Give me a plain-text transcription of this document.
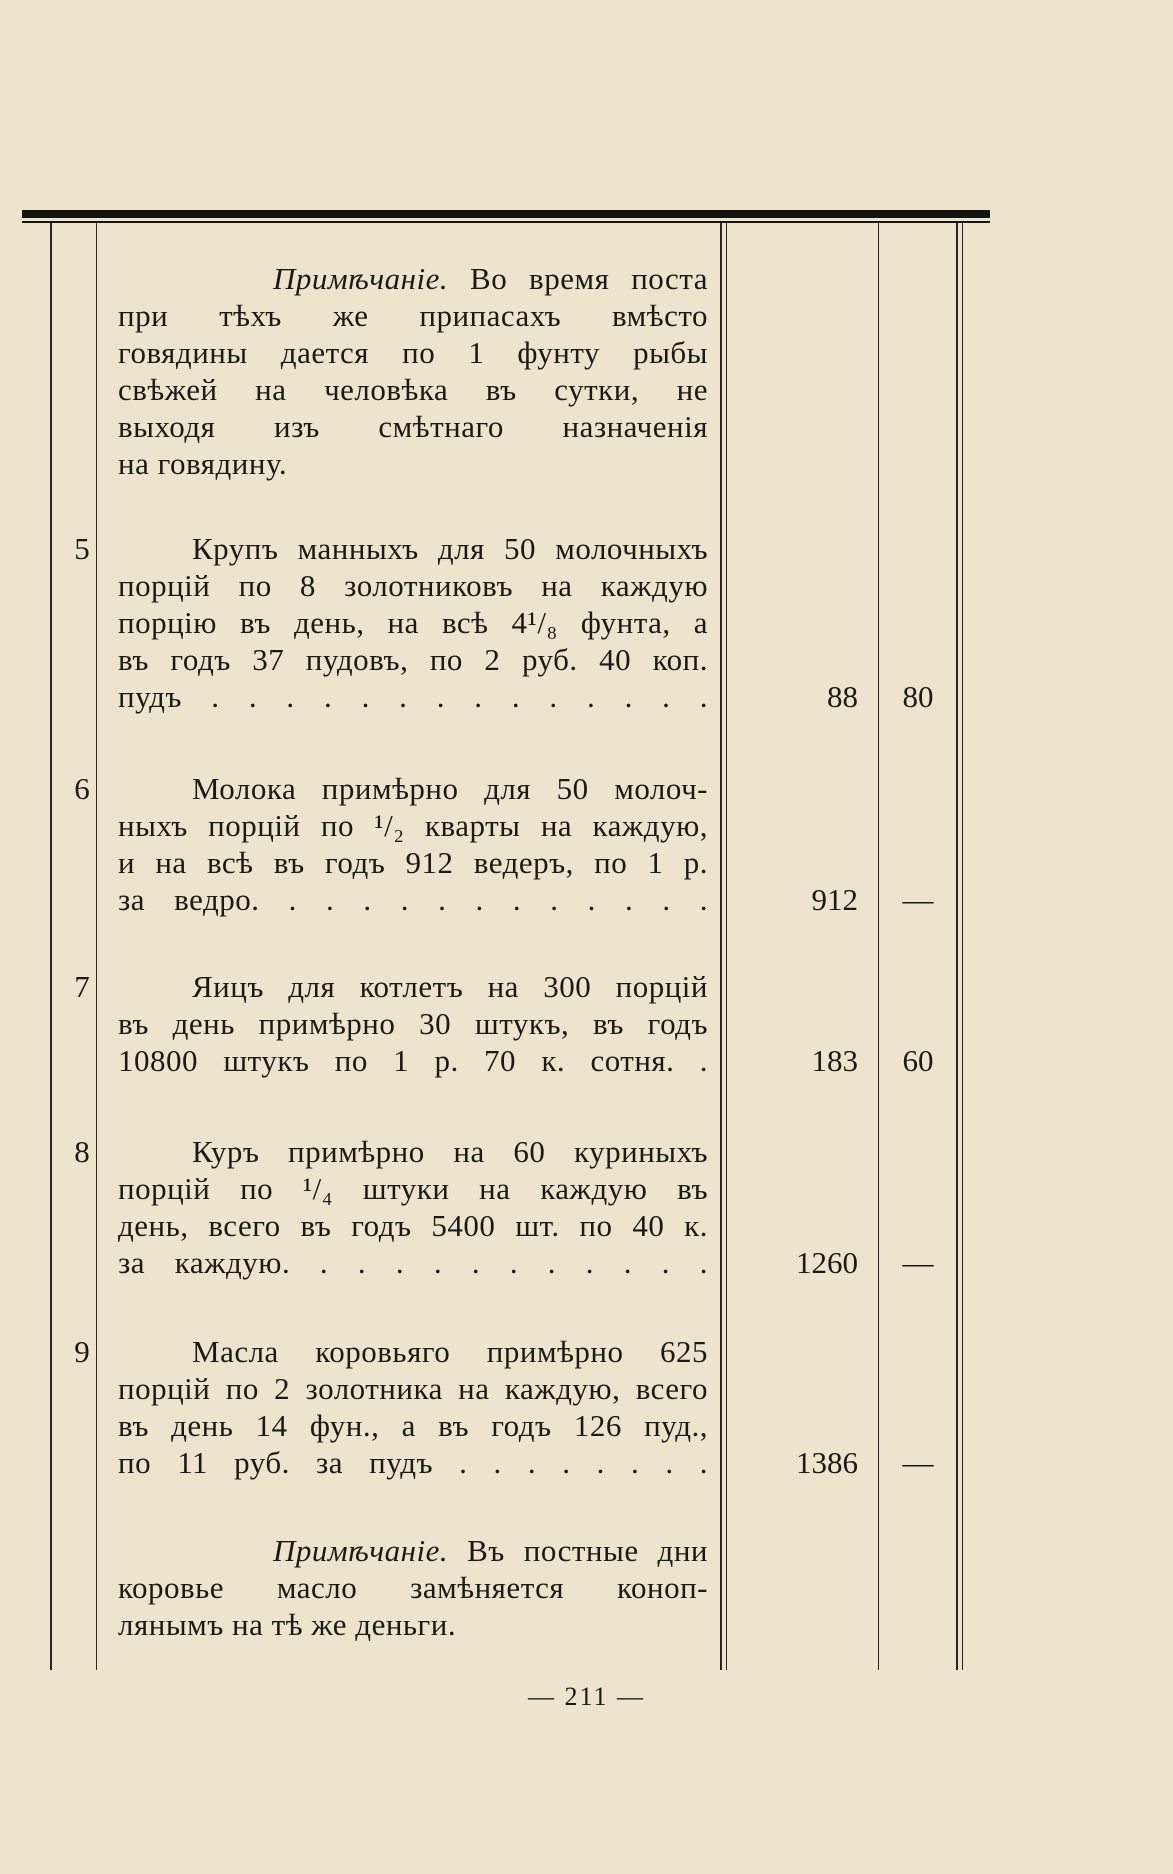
Примѣчаніе. Во время поста
при тѣхъ же припасахъ вмѣсто
говядины дается по 1 фунту рыбы
свѣжей на человѣка въ сутки, не
выходя изъ смѣтнаго назначенія
на говядину.
5	Крупъ манныхъ для 50 молочныхъ
порцій по 8 золотниковъ на каждую
порцію въ день, на всѣ 4¹/₈ фунта, а
въ годъ 37 пудовъ, по 2 руб. 40 коп.
пудъ . . . . . . . . . . . . . .	88	80
6	Молока примѣрно для 50 молоч-
ныхъ порцій по ¹/₂ кварты на каждую,
и на всѣ въ годъ 912 ведеръ, по 1 р.
за ведро. . . . . . . . . . . . .	912	—
7	Яицъ для котлетъ на 300 порцій
въ день примѣрно 30 штукъ, въ годъ
10800 штукъ по 1 р. 70 к. сотня. .	183	60
8	Куръ примѣрно на 60 куриныхъ
порцій по ¹/₄ штуки на каждую въ
день, всего въ годъ 5400 шт. по 40 к.
за каждую. . . . . . . . . . . .	1260	—
9	Масла коровьяго примѣрно 625
порцій по 2 золотника на каждую, всего
въ день 14 фун., а въ годъ 126 пуд.,
по 11 руб. за пудъ . . . . . . . .	1386	—
Примѣчаніе. Въ постные дни
коровье масло замѣняется коноп-
лянымъ на тѣ же деньги.
— 211 —
